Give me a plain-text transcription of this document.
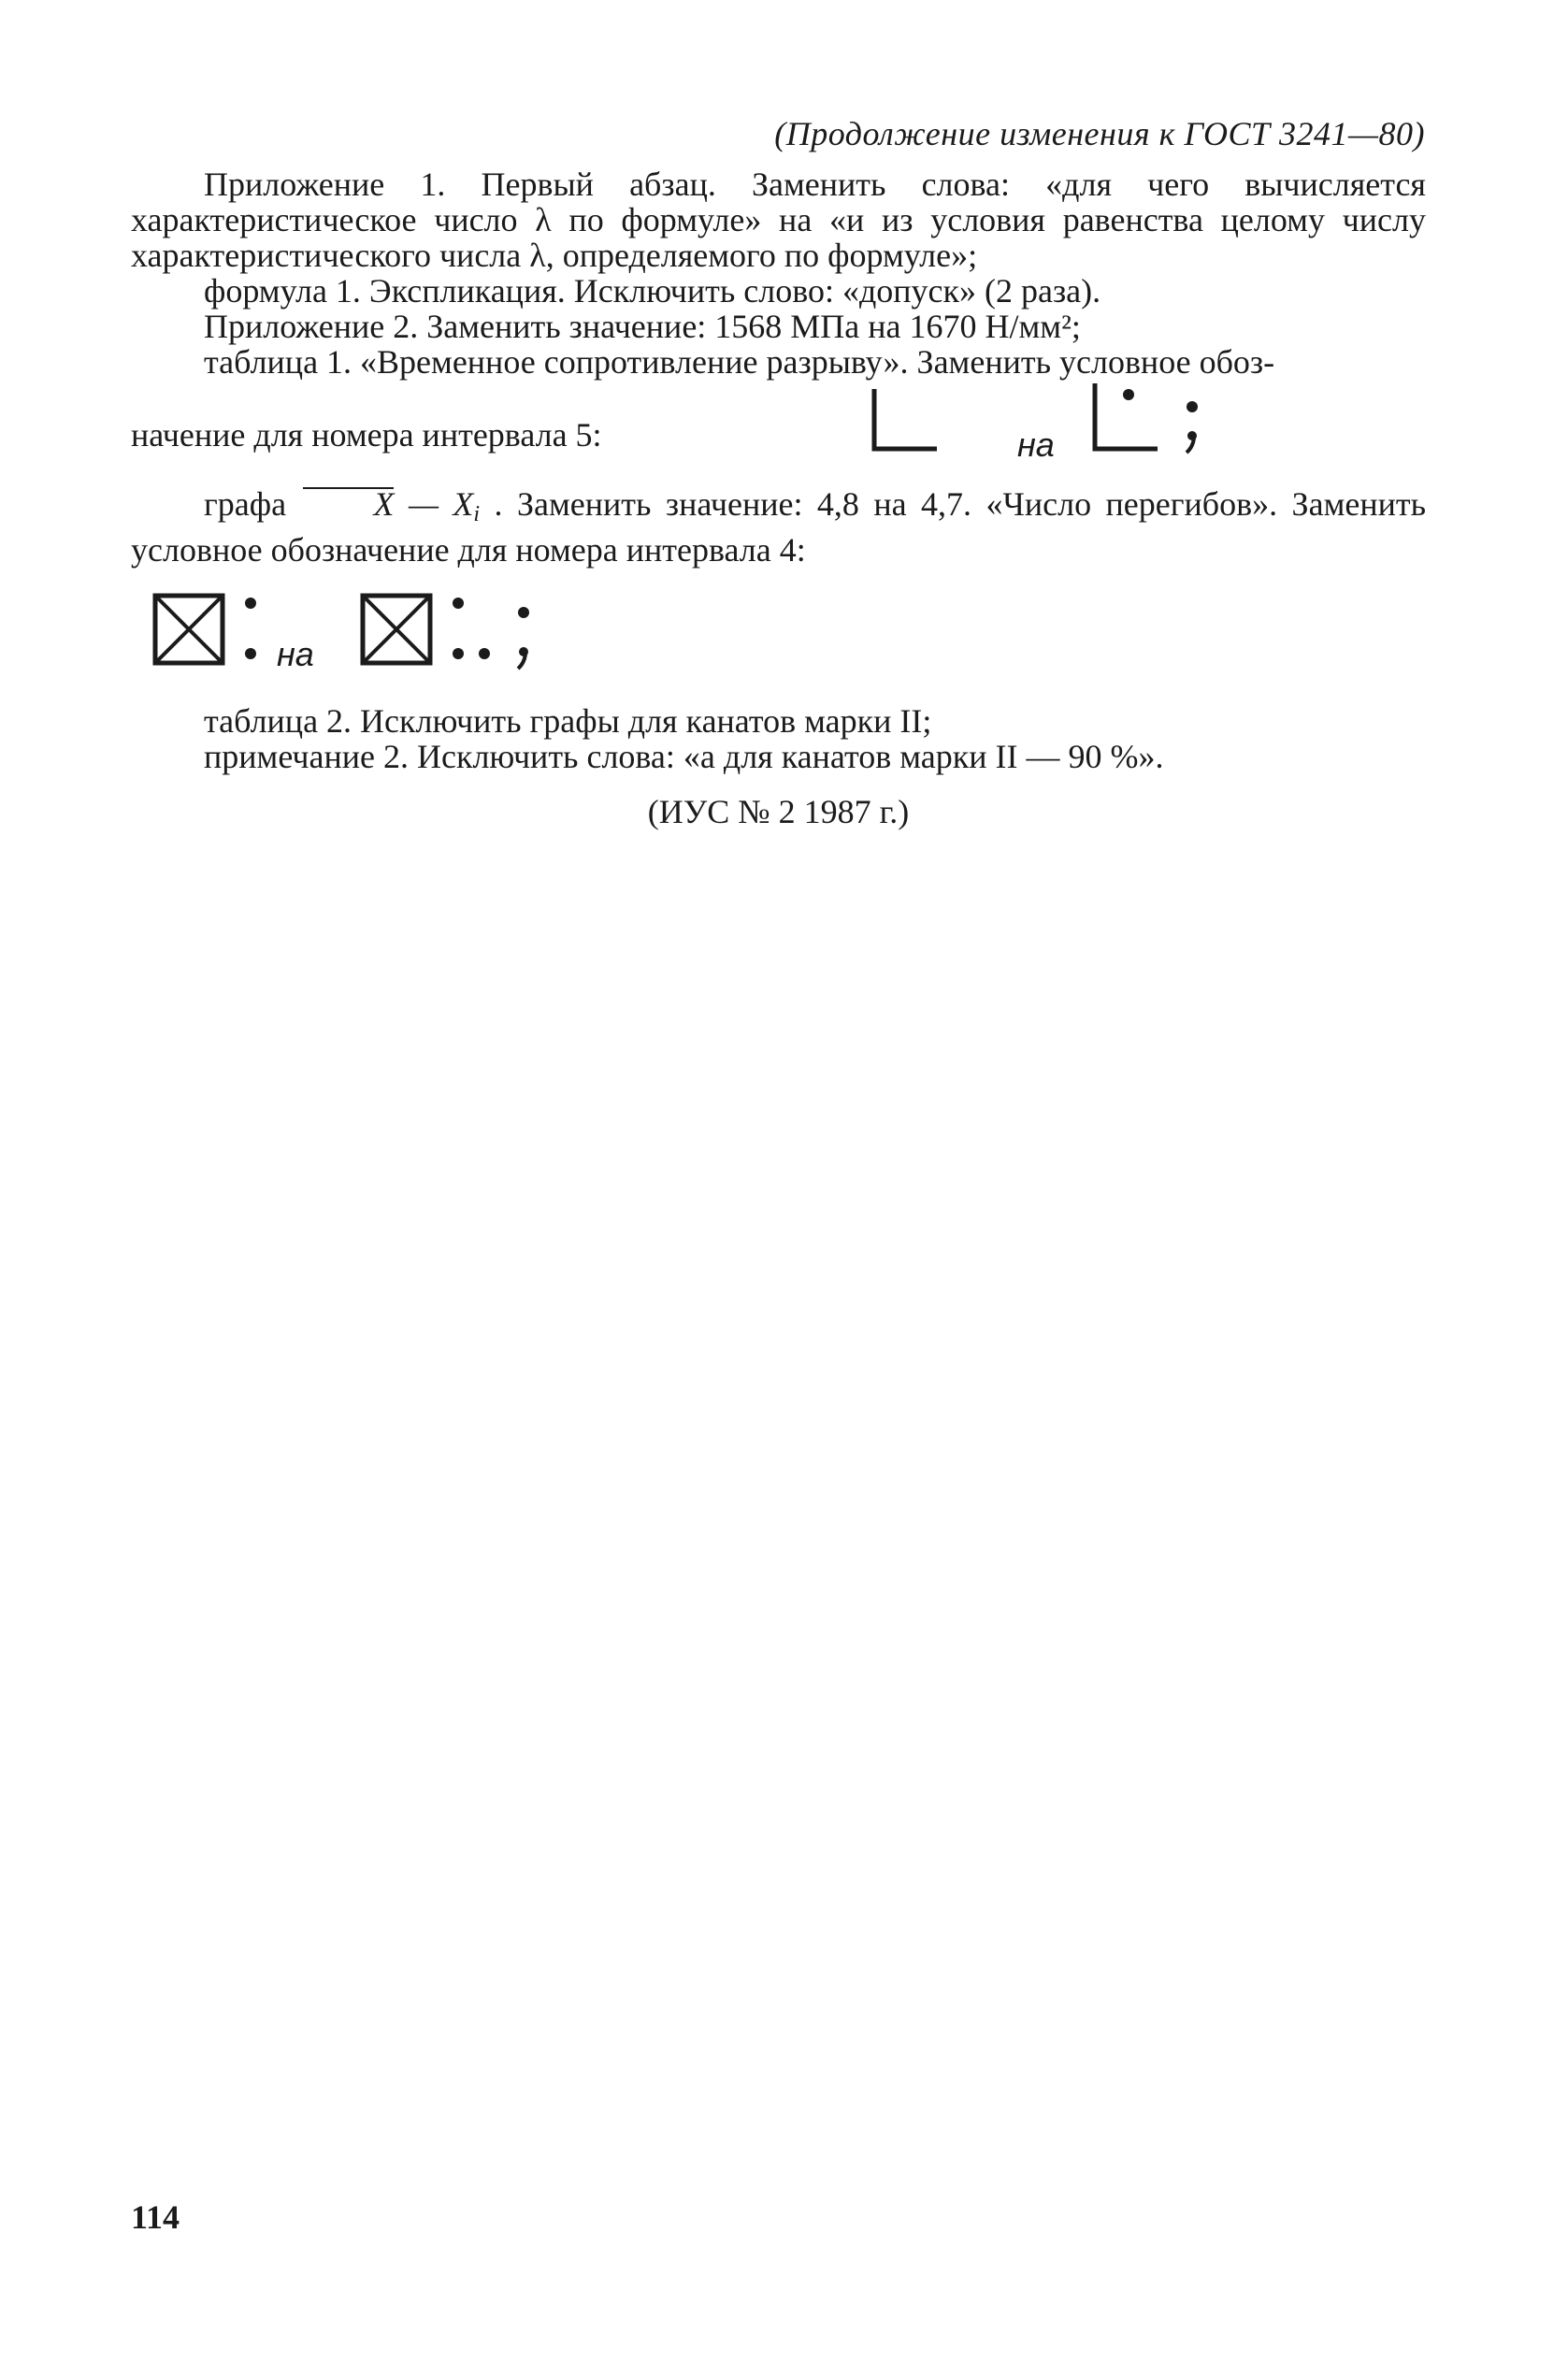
(Продолжение изменения к ГОСТ 3241—80)

Приложение 1. Первый абзац. Заменить слова: «для чего вычисляется характеристическое число λ по формуле» на «и из условия равенства целому числу характеристического числа λ, определяемого по формуле»;

формула 1. Экспликация. Исключить слово: «допуск» (2 раза).

Приложение 2. Заменить значение: 1568 МПа на 1670 Н/мм²;

таблица 1. «Временное сопротивление разрыву». Заменить условное обоз-

начение для номера интервала 5:	на

графа	X — $X_i$ . Заменить значение: 4,8 на 4,7. «Число перегибов». Заменить условное обозначение для номера интервала 4:

на

таблица 2. Исключить графы для канатов марки II;

примечание 2. Исключить слова: «а для канатов марки II — 90 %».

(ИУС № 2 1987 г.)
114
